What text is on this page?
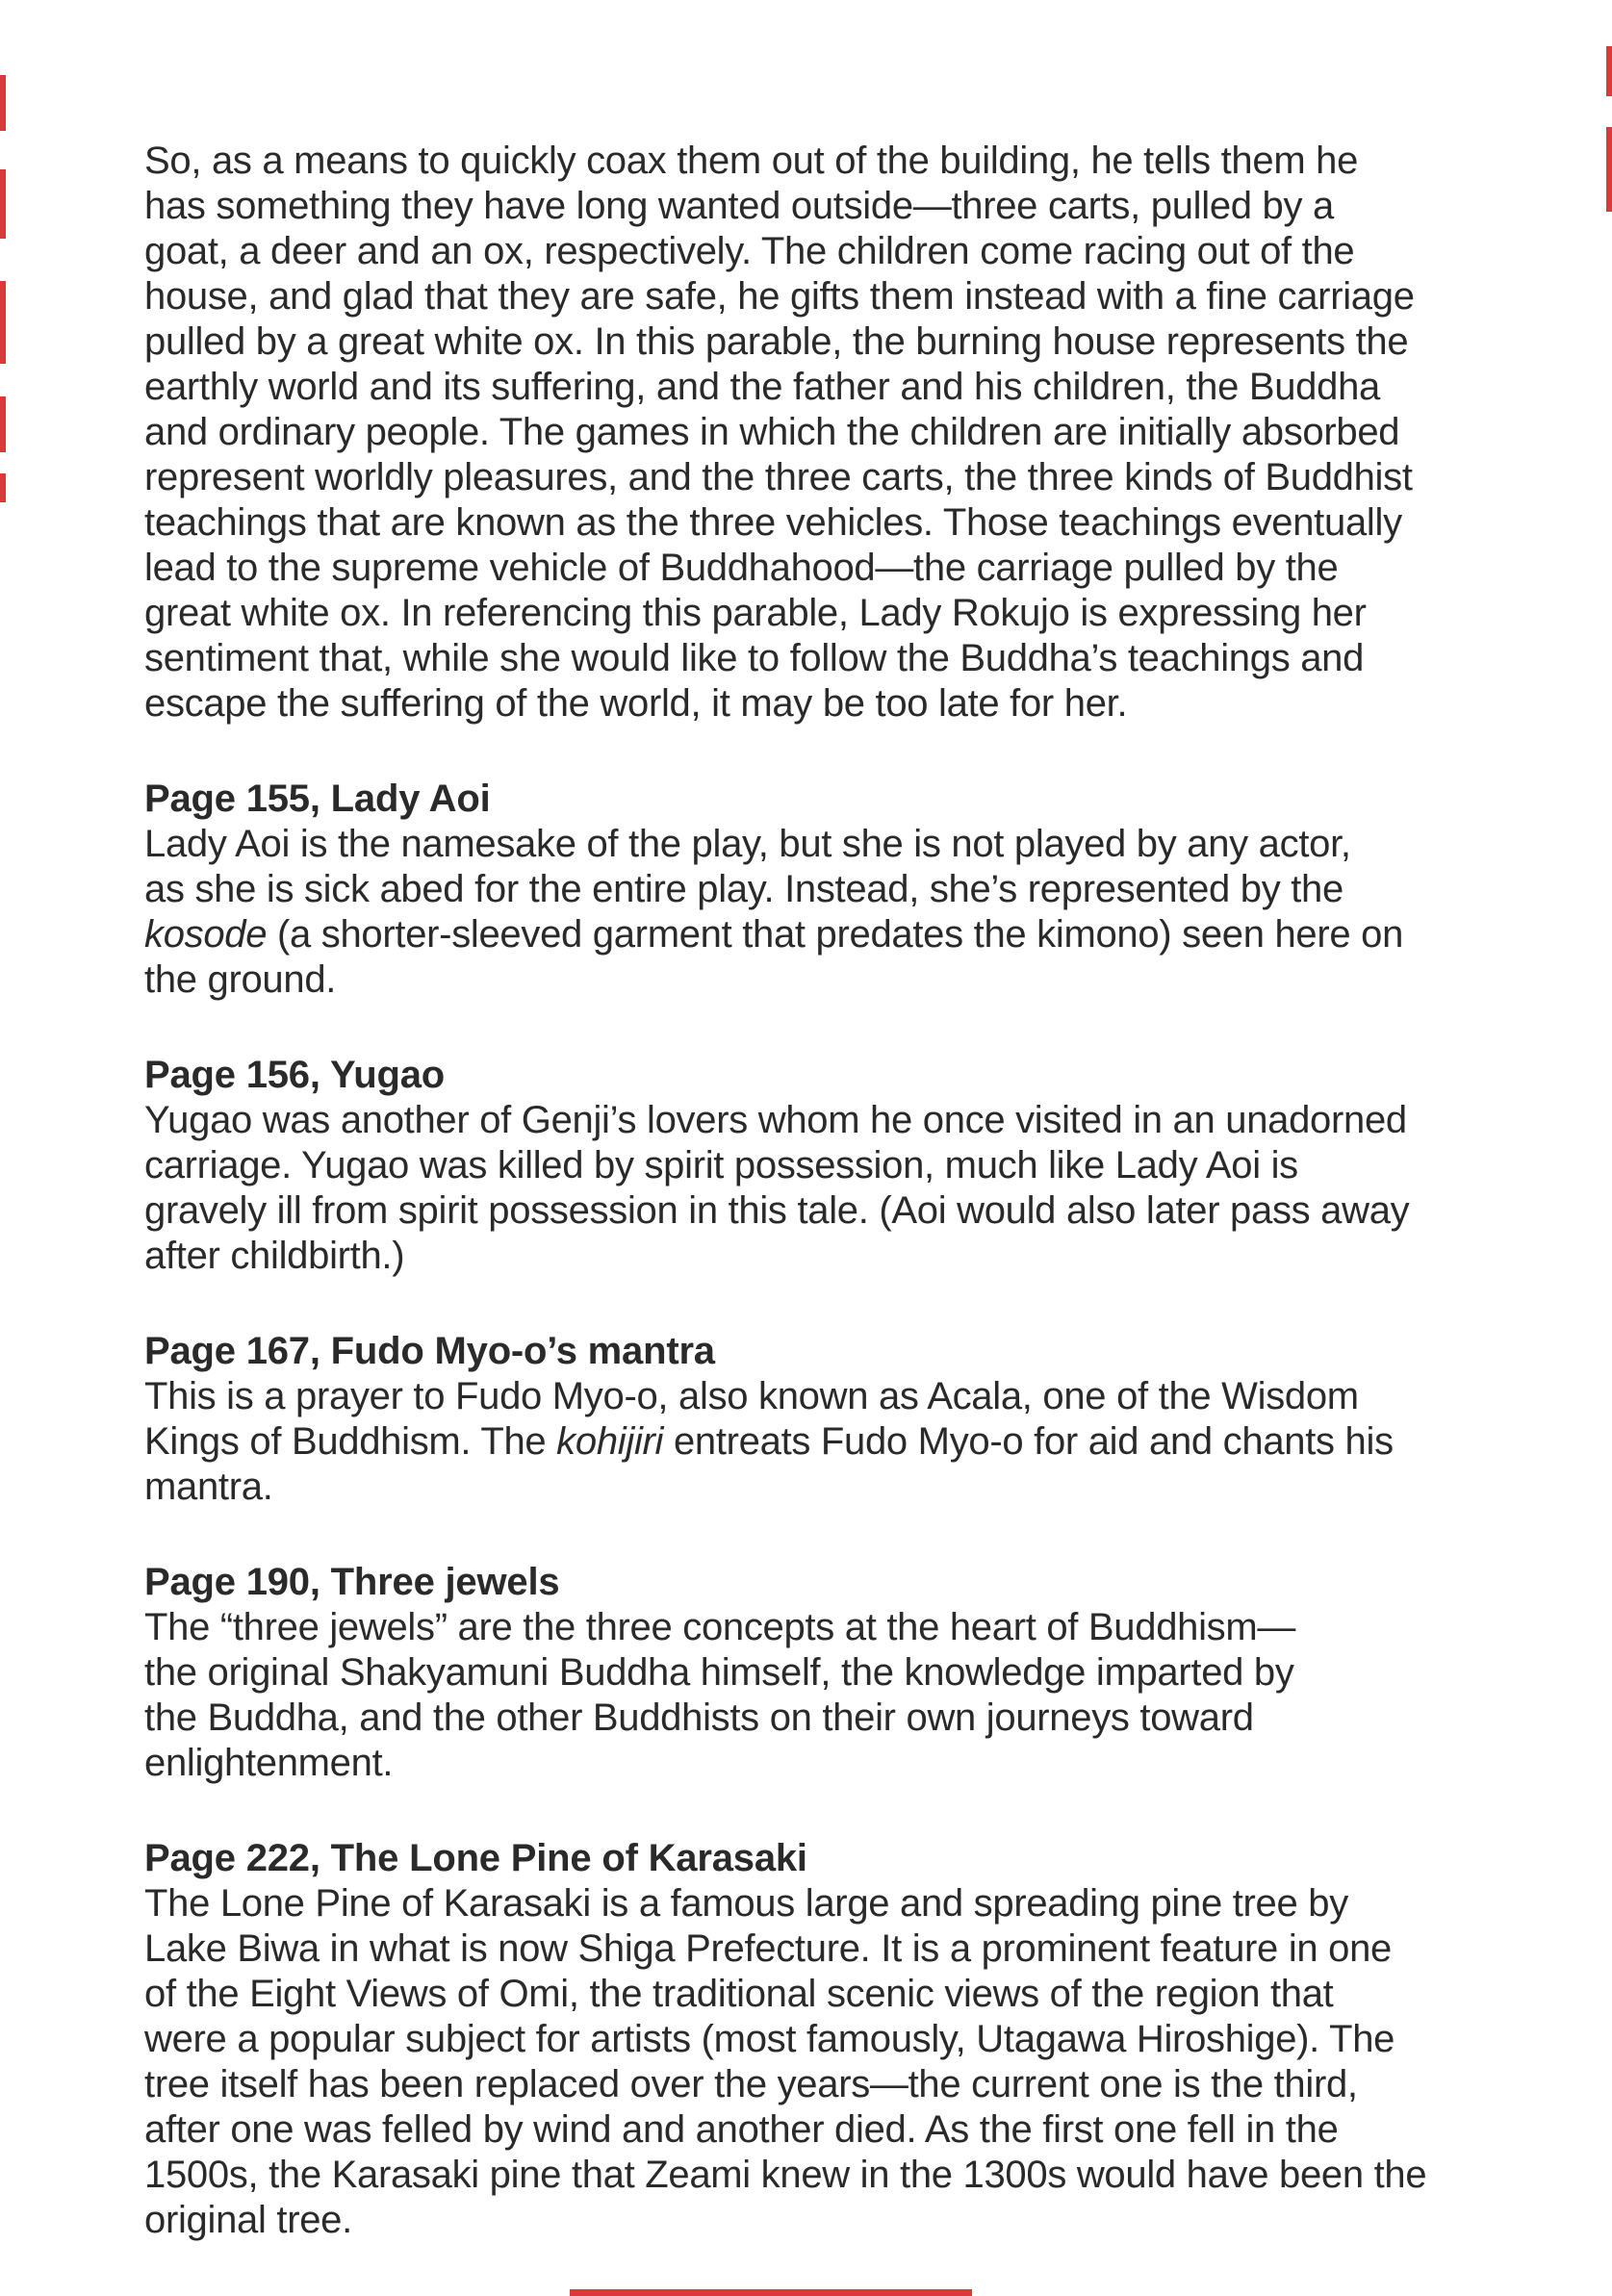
So, as a means to quickly coax them out of the building, he tells them he
has something they have long wanted outside—three carts, pulled by a
goat, a deer and an ox, respectively. The children come racing out of the
house, and glad that they are safe, he gifts them instead with a fine carriage
pulled by a great white ox. In this parable, the burning house represents the
earthly world and its suffering, and the father and his children, the Buddha
and ordinary people. The games in which the children are initially absorbed
represent worldly pleasures, and the three carts, the three kinds of Buddhist
teachings that are known as the three vehicles. Those teachings eventually
lead to the supreme vehicle of Buddhahood—the carriage pulled by the
great white ox. In referencing this parable, Lady Rokujo is expressing her
sentiment that, while she would like to follow the Buddha’s teachings and
escape the suffering of the world, it may be too late for her.
Page 155, Lady Aoi
Lady Aoi is the namesake of the play, but she is not played by any actor,
as she is sick abed for the entire play. Instead, she’s represented by the
kosode (a shorter-sleeved garment that predates the kimono) seen here on
the ground.
Page 156, Yugao
Yugao was another of Genji’s lovers whom he once visited in an unadorned
carriage. Yugao was killed by spirit possession, much like Lady Aoi is
gravely ill from spirit possession in this tale. (Aoi would also later pass away
after childbirth.)
Page 167, Fudo Myo-o’s mantra
This is a prayer to Fudo Myo-o, also known as Acala, one of the Wisdom
Kings of Buddhism. The kohijiri entreats Fudo Myo-o for aid and chants his
mantra.
Page 190, Three jewels
The “three jewels” are the three concepts at the heart of Buddhism—
the original Shakyamuni Buddha himself, the knowledge imparted by
the Buddha, and the other Buddhists on their own journeys toward
enlightenment.
Page 222, The Lone Pine of Karasaki
The Lone Pine of Karasaki is a famous large and spreading pine tree by
Lake Biwa in what is now Shiga Prefecture. It is a prominent feature in one
of the Eight Views of Omi, the traditional scenic views of the region that
were a popular subject for artists (most famously, Utagawa Hiroshige). The
tree itself has been replaced over the years—the current one is the third,
after one was felled by wind and another died. As the first one fell in the
1500s, the Karasaki pine that Zeami knew in the 1300s would have been the
original tree.
